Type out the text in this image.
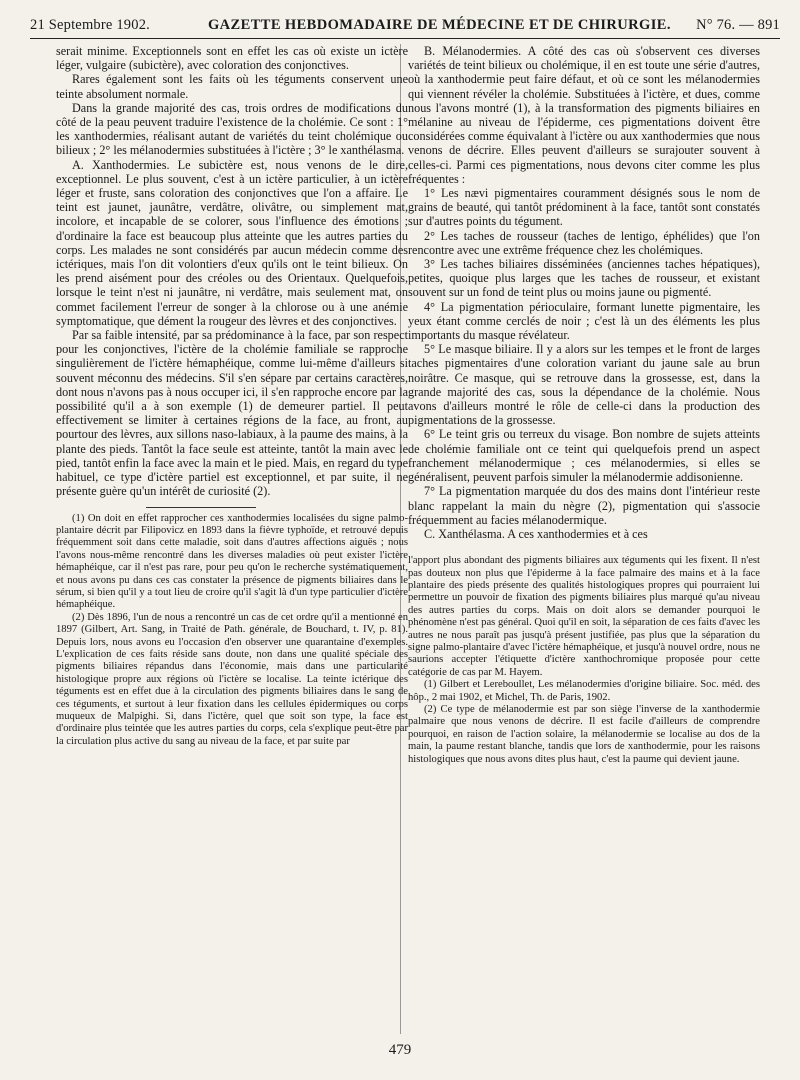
21 Septembre 1902.	GAZETTE HEBDOMADAIRE DE MÉDECINE ET DE CHIRURGIE. N° 76. — 891

serait minime. Exceptionnels sont en effet les cas où existe un ictère léger, vulgaire (subictère), avec coloration des conjonctives.

Rares également sont les faits où les téguments conservent une teinte absolument normale.

Dans la grande majorité des cas, trois ordres de modifications du côté de la peau peuvent traduire l'existence de la cholémie. Ce sont : 1° les xanthodermies, réalisant autant de variétés du teint cholémique ou bilieux ; 2° les mélanodermies substituées à l'ictère ; 3° le xanthélasma.

A. Xanthodermies. Le subictère est, nous venons de le dire, exceptionnel. Le plus souvent, c'est à un ictère particulier, à un ictère léger et fruste, sans coloration des conjonctives que l'on a affaire. Le teint est jaunet, jaunâtre, verdâtre, olivâtre, ou simplement mat, incolore, et incapable de se colorer, sous l'influence des émotions ; d'ordinaire la face est beaucoup plus atteinte que les autres parties du corps. Les malades ne sont considérés par aucun médecin comme des ictériques, mais l'on dit volontiers d'eux qu'ils ont le teint bilieux. On les prend aisément pour des créoles ou des Orientaux. Quelquefois, lorsque le teint n'est ni jaunâtre, ni verdâtre, mais seulement mat, on commet facilement l'erreur de songer à la chlorose ou à une anémie symptomatique, que dément la rougeur des lèvres et des conjonctives.

Par sa faible intensité, par sa prédominance à la face, par son respect pour les conjonctives, l'ictère de la cholémie familiale se rapproche singulièrement de l'ictère hémaphéique, comme lui-même d'ailleurs si souvent méconnu des médecins. S'il s'en sépare par certains caractères, dont nous n'avons pas à nous occuper ici, il s'en rapproche encore par la possibilité qu'il a à son exemple (1) de demeurer partiel. Il peut effectivement se limiter à certaines régions de la face, au front, au pourtour des lèvres, aux sillons naso-labiaux, à la paume des mains, à la plante des pieds. Tantôt la face seule est atteinte, tantôt la main avec le pied, tantôt enfin la face avec la main et le pied. Mais, en regard du type habituel, ce type d'ictère partiel est exceptionnel, et par suite, il ne présente guère qu'un intérêt de curiosité (2).

(1) On doit en effet rapprocher ces xanthodermies localisées du signe palmo-plantaire décrit par Filipovicz en 1893 dans la fièvre typhoïde, et retrouvé depuis fréquemment soit dans cette maladie, soit dans d'autres affections aiguës ; nous l'avons nous-même rencontré dans les diverses maladies où peut exister l'ictère hémaphéique, car il n'est pas rare, pour peu qu'on le recherche systématiquement, et nous avons pu dans ces cas constater la présence de pigments biliaires dans le sérum, si bien qu'il y a tout lieu de croire qu'il s'agit là d'un type particulier d'ictère hémaphéique.

(2) Dès 1896, l'un de nous a rencontré un cas de cet ordre qu'il a mentionné en 1897 (Gilbert, Art. Sang, in Traité de Path. générale, de Bouchard, t. IV, p. 81). Depuis lors, nous avons eu l'occasion d'en observer une quarantaine d'exemples. L'explication de ces faits réside sans doute, non dans une qualité spéciale des pigments biliaires répandus dans l'économie, mais dans une particularité histologique propre aux régions où l'ictère se localise. La teinte ictérique des téguments est en effet due à la circulation des pigments biliaires dans le sang de ces téguments, et surtout à leur fixation dans les cellules épidermiques ou corps muqueux de Malpighi. Si, dans l'ictère, quel que soit son type, la face est d'ordinaire plus teintée que les autres parties du corps, cela s'explique peut-être par la circulation plus active du sang au niveau de la face, et par suite par

B. Mélanodermies. A côté des cas où s'observent ces diverses variétés de teint bilieux ou cholémique, il en est toute une série d'autres, où la xanthodermie peut faire défaut, et où ce sont les mélanodermies qui viennent révéler la cholémie. Substituées à l'ictère, et dues, comme nous l'avons montré (1), à la transformation des pigments biliaires en mélanine au niveau de l'épiderme, ces pigmentations doivent être considérées comme équivalant à l'ictère ou aux xanthodermies que nous venons de décrire. Elles peuvent d'ailleurs se surajouter souvent à celles-ci. Parmi ces pigmentations, nous devons citer comme les plus fréquentes :

1° Les nævi pigmentaires couramment désignés sous le nom de grains de beauté, qui tantôt prédominent à la face, tantôt sont constatés sur d'autres points du tégument.

2° Les taches de rousseur (taches de lentigo, éphélides) que l'on rencontre avec une extrême fréquence chez les cholémiques.

3° Les taches biliaires disséminées (anciennes taches hépatiques), petites, quoique plus larges que les taches de rousseur, et existant souvent sur un fond de teint plus ou moins jaune ou pigmenté.

4° La pigmentation périoculaire, formant lunette pigmentaire, les yeux étant comme cerclés de noir ; c'est là un des éléments les plus importants du masque révélateur.

5° Le masque biliaire. Il y a alors sur les tempes et le front de larges taches pigmentaires d'une coloration variant du jaune sale au brun noirâtre. Ce masque, qui se retrouve dans la grossesse, est, dans la grande majorité des cas, sous la dépendance de la cholémie. Nous avons d'ailleurs montré le rôle de celle-ci dans la production des pigmentations de la grossesse.

6° Le teint gris ou terreux du visage. Bon nombre de sujets atteints de cholémie familiale ont ce teint qui quelquefois prend un aspect franchement mélanodermique ; ces mélanodermies, si elles se généralisent, peuvent parfois simuler la mélanodermie addisonienne.

7° La pigmentation marquée du dos des mains dont l'intérieur reste blanc rappelant la main du nègre (2), pigmentation qui s'associe fréquemment au facies mélanodermique.

C. Xanthélasma. A ces xanthodermies et à ces

l'apport plus abondant des pigments biliaires aux téguments qui les fixent. Il n'est pas douteux non plus que l'épiderme à la face palmaire des mains et à la face plantaire des pieds présente des qualités histologiques propres qui pourraient lui permettre un pouvoir de fixation des pigments biliaires plus marqué qu'au niveau des autres parties du corps. Mais on doit alors se demander pourquoi le phénomène n'est pas général. Quoi qu'il en soit, la séparation de ces faits d'avec les autres ne nous paraît pas jusqu'à présent justifiée, pas plus que la séparation du signe palmo-plantaire d'avec l'ictère hémaphéique, et jusqu'à nouvel ordre, nous ne saurions accepter l'étiquette d'ictère xanthochromique proposée pour cette catégorie de cas par M. Hayem.

(1) Gilbert et Lereboullet, Les mélanodermies d'origine biliaire. Soc. méd. des hôp., 2 mai 1902, et Michel, Th. de Paris, 1902.

(2) Ce type de mélanodermie est par son siège l'inverse de la xanthodermie palmaire que nous venons de décrire. Il est facile d'ailleurs de comprendre pourquoi, en raison de l'action solaire, la mélanodermie se localise au dos de la main, la paume restant blanche, tandis que lors de xanthodermie, pour les raisons histologiques que nous avons dites plus haut, c'est la paume qui devient jaune.

479
